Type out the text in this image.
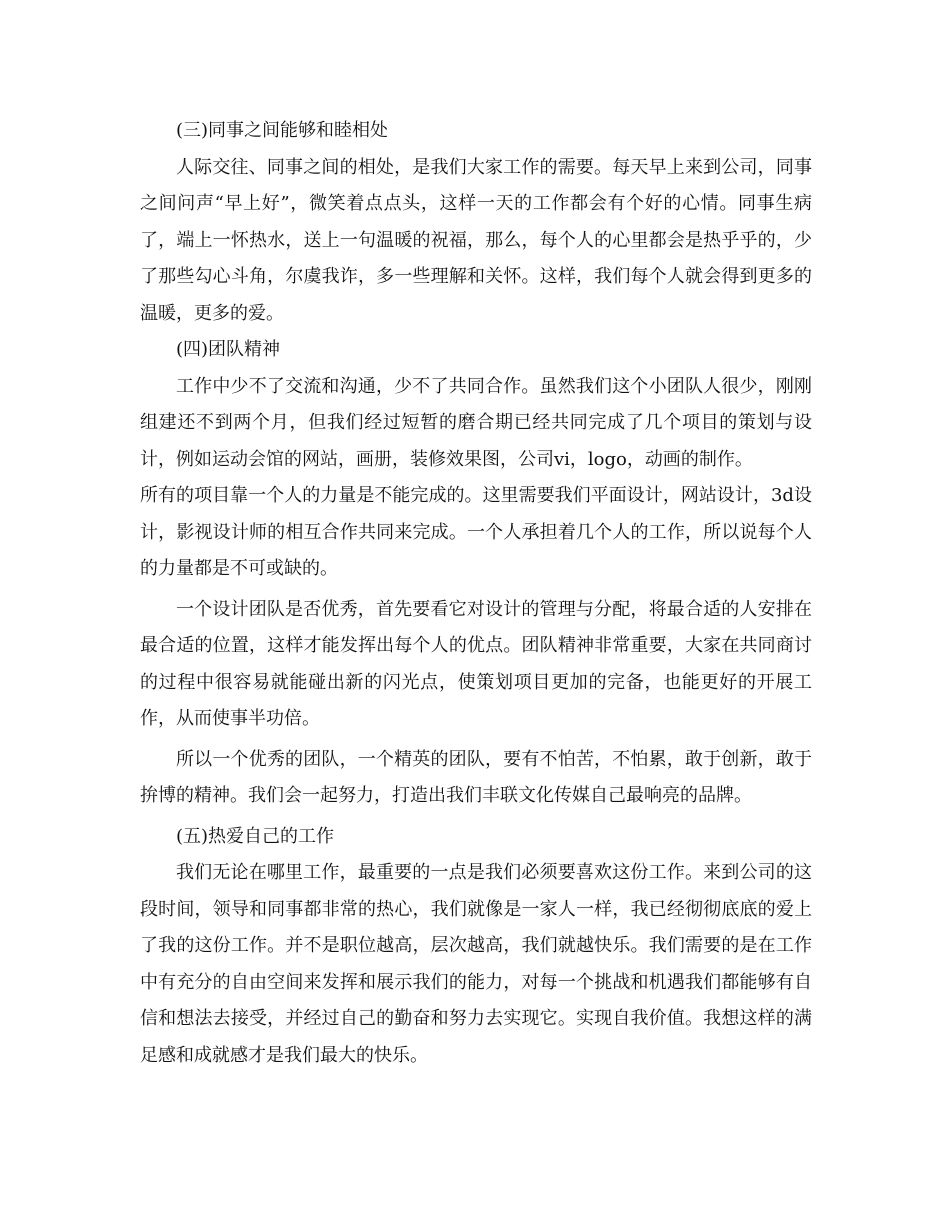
(三)同事之间能够和睦相处

人际交往、同事之间的相处，是我们大家工作的需要。每天早上来到公司，同事之间问声“早上好”，微笑着点点头，这样一天的工作都会有个好的心情。同事生病了，端上一怀热水，送上一句温暖的祝福，那么，每个人的心里都会是热乎乎的，少了那些勾心斗角，尔虞我诈，多一些理解和关怀。这样，我们每个人就会得到更多的温暖，更多的爱。

(四)团队精神

工作中少不了交流和沟通，少不了共同合作。虽然我们这个小团队人很少，刚刚组建还不到两个月，但我们经过短暂的磨合期已经共同完成了几个项目的策划与设计，例如运动会馆的网站，画册，装修效果图，公司vi，logo，动画的制作。

所有的项目靠一个人的力量是不能完成的。这里需要我们平面设计，网站设计，3d设计，影视设计师的相互合作共同来完成。一个人承担着几个人的工作，所以说每个人的力量都是不可或缺的。

一个设计团队是否优秀，首先要看它对设计的管理与分配，将最合适的人安排在最合适的位置，这样才能发挥出每个人的优点。团队精神非常重要，大家在共同商讨的过程中很容易就能碰出新的闪光点，使策划项目更加的完备，也能更好的开展工作，从而使事半功倍。

所以一个优秀的团队，一个精英的团队，要有不怕苦，不怕累，敢于创新，敢于拚博的精神。我们会一起努力，打造出我们丰联文化传媒自己最响亮的品牌。

(五)热爱自己的工作

我们无论在哪里工作，最重要的一点是我们必须要喜欢这份工作。来到公司的这段时间，领导和同事都非常的热心，我们就像是一家人一样，我已经彻彻底底的爱上了我的这份工作。并不是职位越高，层次越高，我们就越快乐。我们需要的是在工作中有充分的自由空间来发挥和展示我们的能力，对每一个挑战和机遇我们都能够有自信和想法去接受，并经过自己的勤奋和努力去实现它。实现自我价值。我想这样的满足感和成就感才是我们最大的快乐。
